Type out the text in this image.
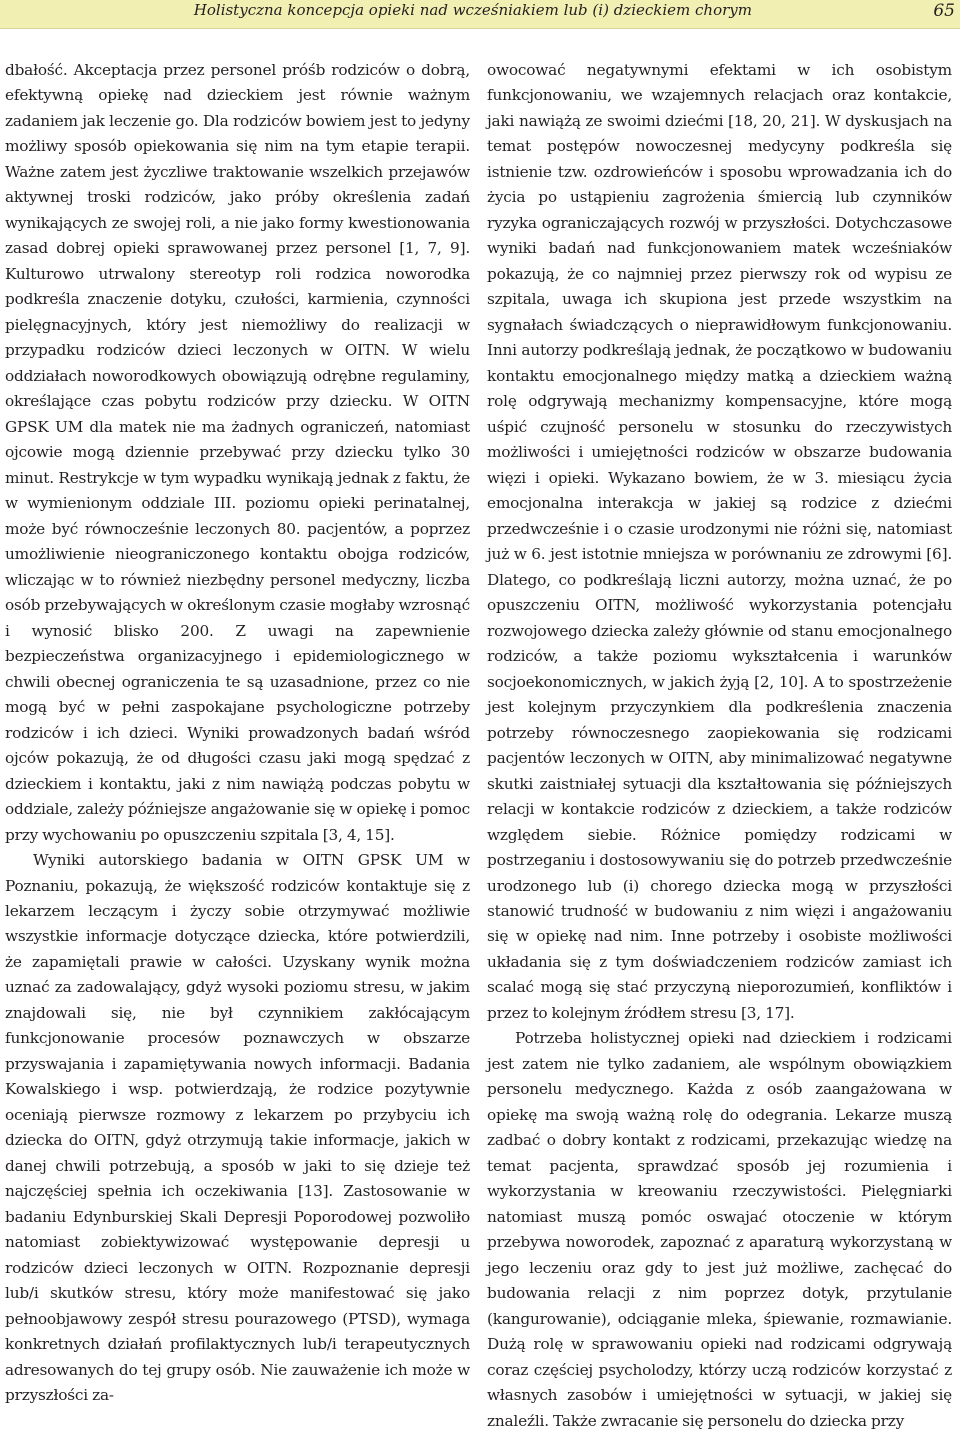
Holistyczna koncepcja opieki nad wcześniakiem lub (i) dzieckiem chorym	65

dbałość. Akceptacja przez personel próśb rodziców o dobrą, efektywną opiekę nad dzieckiem jest równie ważnym zadaniem jak leczenie go. Dla rodziców bowiem jest to jedyny możliwy sposób opiekowania się nim na tym etapie terapii. Ważne zatem jest życzliwe traktowanie wszelkich przejawów aktywnej troski rodziców, jako próby określenia zadań wynikających ze swojej roli, a nie jako formy kwestionowania zasad dobrej opieki sprawowanej przez personel [1, 7, 9]. Kulturowo utrwalony stereotyp roli rodzica noworodka podkreśla znaczenie dotyku, czułości, karmienia, czynności pielęgnacyjnych, który jest niemożliwy do realizacji w przypadku rodziców dzieci leczonych w OITN. W wielu oddziałach noworodkowych obowiązują odrębne regulaminy, określające czas pobytu rodziców przy dziecku. W OITN GPSK UM dla matek nie ma żadnych ograniczeń, natomiast ojcowie mogą dziennie przebywać przy dziecku tylko 30 minut. Restrykcje w tym wypadku wynikają jednak z faktu, że w wymienionym oddziale III. poziomu opieki perinatalnej, może być równocześnie leczonych 80. pacjentów, a poprzez umożliwienie nieograniczonego kontaktu obojga rodziców, wliczając w to również niezbędny personel medyczny, liczba osób przebywających w określonym czasie mogłaby wzrosnąć i wynosić blisko 200. Z uwagi na zapewnienie bezpieczeństwa organizacyjnego i epidemiologicznego w chwili obecnej ograniczenia te są uzasadnione, przez co nie mogą być w pełni zaspokajane psychologiczne potrzeby rodziców i ich dzieci. Wyniki prowadzonych badań wśród ojców pokazują, że od długości czasu jaki mogą spędzać z dzieckiem i kontaktu, jaki z nim nawiążą podczas pobytu w oddziale, zależy późniejsze angażowanie się w opiekę i pomoc przy wychowaniu po opuszczeniu szpitala [3, 4, 15].

Wyniki autorskiego badania w OITN GPSK UM w Poznaniu, pokazują, że większość rodziców kontaktuje się z lekarzem leczącym i życzy sobie otrzymywać możliwie wszystkie informacje dotyczące dziecka, które potwierdzili, że zapamiętali prawie w całości. Uzyskany wynik można uznać za zadowalający, gdyż wysoki poziomu stresu, w jakim znajdowali się, nie był czynnikiem zakłócającym funkcjonowanie procesów poznawczych w obszarze przyswajania i zapamiętywania nowych informacji. Badania Kowalskiego i wsp. potwierdzają, że rodzice pozytywnie oceniają pierwsze rozmowy z lekarzem po przybyciu ich dziecka do OITN, gdyż otrzymują takie informacje, jakich w danej chwili potrzebują, a sposób w jaki to się dzieje też najczęściej spełnia ich oczekiwania [13]. Zastosowanie w badaniu Edynburskiej Skali Depresji Poporodowej pozwoliło natomiast zobiektywizować występowanie depresji u rodziców dzieci leczonych w OITN. Rozpoznanie depresji lub/i skutków stresu, który może manifestować się jako pełnoobjawowy zespół stresu pourazowego (PTSD), wymaga konkretnych działań profilaktycznych lub/i terapeutycznych adresowanych do tej grupy osób. Nie zauważenie ich może w przyszłości za-

owocować negatywnymi efektami w ich osobistym funkcjonowaniu, we wzajemnych relacjach oraz kontakcie, jaki nawiążą ze swoimi dziećmi [18, 20, 21]. W dyskusjach na temat postępów nowoczesnej medycyny podkreśla się istnienie tzw. ozdrowieńców i sposobu wprowadzania ich do życia po ustąpieniu zagrożenia śmiercią lub czynników ryzyka ograniczających rozwój w przyszłości. Dotychczasowe wyniki badań nad funkcjonowaniem matek wcześniaków pokazują, że co najmniej przez pierwszy rok od wypisu ze szpitala, uwaga ich skupiona jest przede wszystkim na sygnałach świadczących o nieprawidłowym funkcjonowaniu. Inni autorzy podkreślają jednak, że początkowo w budowaniu kontaktu emocjonalnego między matką a dzieckiem ważną rolę odgrywają mechanizmy kompensacyjne, które mogą uśpić czujność personelu w stosunku do rzeczywistych możliwości i umiejętności rodziców w obszarze budowania więzi i opieki. Wykazano bowiem, że w 3. miesiącu życia emocjonalna interakcja w jakiej są rodzice z dziećmi przedwcześnie i o czasie urodzonymi nie różni się, natomiast już w 6. jest istotnie mniejsza w porównaniu ze zdrowymi [6]. Dlatego, co podkreślają liczni autorzy, można uznać, że po opuszczeniu OITN, możliwość wykorzystania potencjału rozwojowego dziecka zależy głównie od stanu emocjonalnego rodziców, a także poziomu wykształcenia i warunków socjoekonomicznych, w jakich żyją [2, 10]. A to spostrzeżenie jest kolejnym przyczynkiem dla podkreślenia znaczenia potrzeby równoczesnego zaopiekowania się rodzicami pacjentów leczonych w OITN, aby minimalizować negatywne skutki zaistniałej sytuacji dla kształtowania się późniejszych relacji w kontakcie rodziców z dzieckiem, a także rodziców względem siebie. Różnice pomiędzy rodzicami w postrzeganiu i dostosowywaniu się do potrzeb przedwcześnie urodzonego lub (i) chorego dziecka mogą w przyszłości stanowić trudność w budowaniu z nim więzi i angażowaniu się w opiekę nad nim. Inne potrzeby i osobiste możliwości układania się z tym doświadczeniem rodziców zamiast ich scalać mogą się stać przyczyną nieporozumień, konfliktów i przez to kolejnym źródłem stresu [3, 17].

Potrzeba holistycznej opieki nad dzieckiem i rodzicami jest zatem nie tylko zadaniem, ale wspólnym obowiązkiem personelu medycznego. Każda z osób zaangażowana w opiekę ma swoją ważną rolę do odegrania. Lekarze muszą zadbać o dobry kontakt z rodzicami, przekazując wiedzę na temat pacjenta, sprawdzać sposób jej rozumienia i wykorzystania w kreowaniu rzeczywistości. Pielęgniarki natomiast muszą pomóc oswajać otoczenie w którym przebywa noworodek, zapoznać z aparaturą wykorzystaną w jego leczeniu oraz gdy to jest już możliwe, zachęcać do budowania relacji z nim poprzez dotyk, przytulanie (kangurowanie), odciąganie mleka, śpiewanie, rozmawianie. Dużą rolę w sprawowaniu opieki nad rodzicami odgrywają coraz częściej psycholodzy, którzy uczą rodziców korzystać z własnych zasobów i umiejętności w sytuacji, w jakiej się znaleźli. Także zwracanie się personelu do dziecka przy
